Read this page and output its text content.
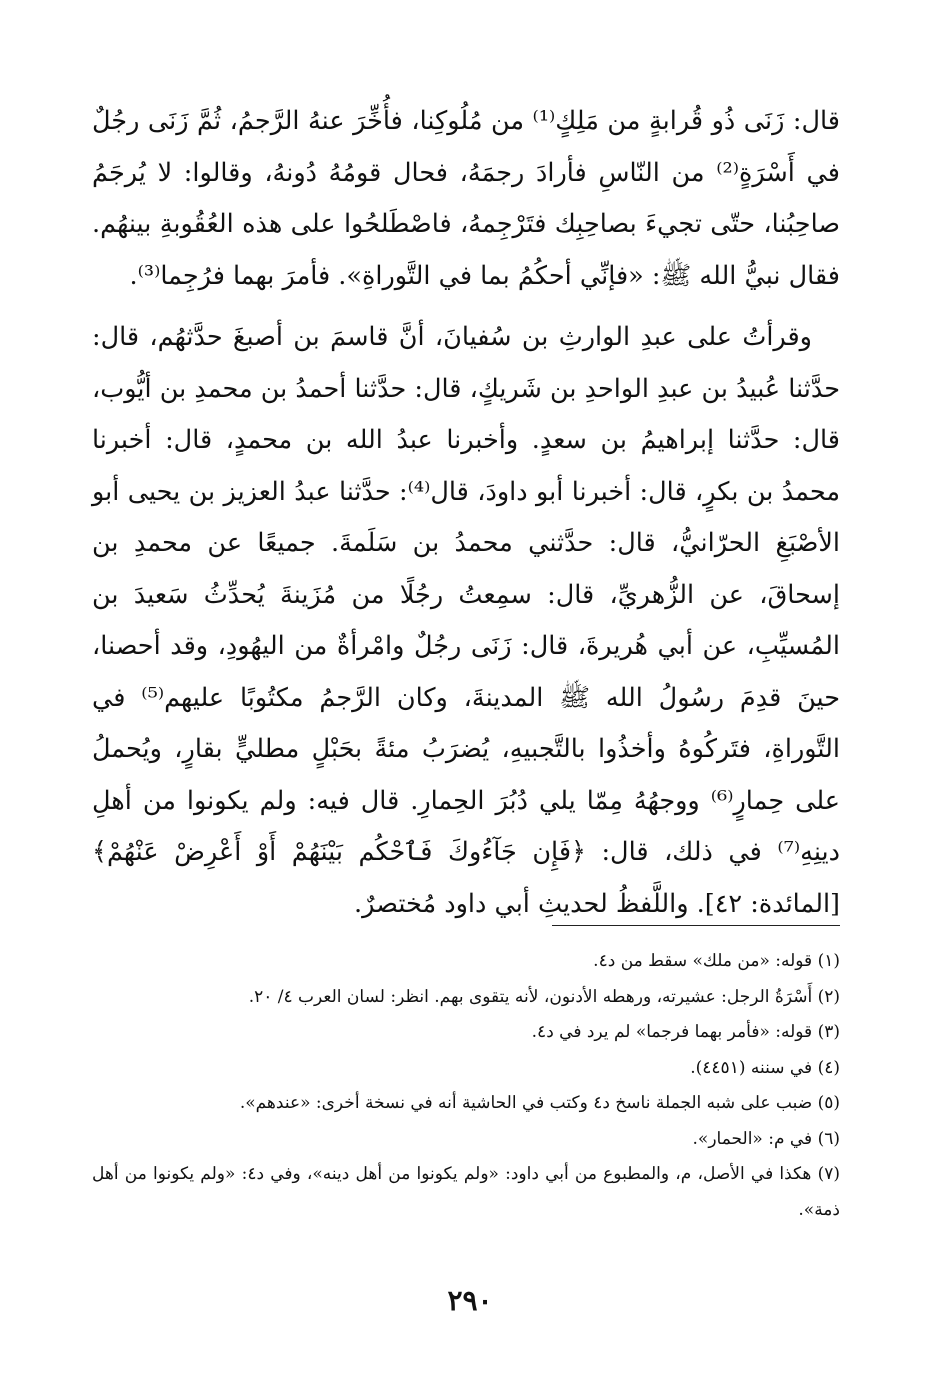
قال: زَنَى ذُو قُرابةٍ من مَلِكٍ⁽¹⁾ من مُلُوكِنا، فأُخِّرَ عنهُ الرَّجمُ، ثُمَّ زَنَى رجُلٌ في أَسْرَةٍ⁽²⁾ من النّاسِ فأرادَ رجمَهُ، فحال قومُهُ دُونهُ، وقالوا: لا يُرجَمُ صاحِبُنا، حتّى تجيءَ بصاحِبِك فتَرْجِمهُ، فاصْطَلحُوا على هذه العُقُوبةِ بينهُم. فقال نبيُّ الله ﷺ: «فإنِّي أحكُمُ بما في التَّوراةِ». فأمرَ بهما فرُجِما⁽³⁾.

وقرأتُ على عبدِ الوارثِ بن سُفيانَ، أنَّ قاسمَ بن أصبغَ حدَّثهُم، قال: حدَّثنا عُبيدُ بن عبدِ الواحدِ بن شَريكٍ، قال: حدَّثنا أحمدُ بن محمدِ بن أيُّوب، قال: حدَّثنا إبراهيمُ بن سعدٍ. وأخبرنا عبدُ الله بن محمدٍ، قال: أخبرنا محمدُ بن بكرٍ، قال: أخبرنا أبو داودَ، قال⁽⁴⁾: حدَّثنا عبدُ العزيز بن يحيى أبو الأصْبَغِ الحرّانيُّ، قال: حدَّثني محمدُ بن سَلَمةَ. جميعًا عن محمدِ بن إسحاقَ، عن الزُّهريِّ، قال: سمِعتُ رجُلًا من مُزَينةَ يُحدِّثُ سَعيدَ بن المُسيِّبِ، عن أبي هُريرةَ، قال: زَنَى رجُلٌ وامْرأةٌ من اليهُودِ، وقد أحصنا، حينَ قدِمَ رسُولُ الله ﷺ المدينةَ، وكان الرَّجمُ مكتُوبًا عليهم⁽⁵⁾ في التَّوراةِ، فتَركُوهُ وأخذُوا بالتَّجبيهِ، يُضرَبُ مئةً بحَبْلٍ مطليٍّ بقارٍ، ويُحملُ على حِمارٍ⁽⁶⁾ ووجهُهُ مِمّا يلي دُبُرَ الحِمارِ. قال فيه: ولم يكونوا من أهلِ دينِهِ⁽⁷⁾ في ذلك، قال: ﴿فَإِن جَآءُوكَ فَٱحْكُم بَيْنَهُمْ أَوْ أَعْرِضْ عَنْهُمْ﴾ [المائدة: ٤٢]. واللَّفظُ لحديثِ أبي داود مُختصرٌ.

(١) قوله: «من ملك» سقط من د٤.

(٢) أَسْرَةُ الرجل: عشيرته، ورهطه الأدنون، لأنه يتقوى بهم. انظر: لسان العرب ٤/ ٢٠.

(٣) قوله: «فأمر بهما فرجما» لم يرد في د٤.

(٤) في سننه (٤٤٥١).

(٥) ضبب على شبه الجملة ناسخ د٤ وكتب في الحاشية أنه في نسخة أخرى: «عندهم».

(٦) في م: «الحمار».

(٧) هكذا في الأصل، م، والمطبوع من أبي داود: «ولم يكونوا من أهل دينه»، وفي د٤: «ولم يكونوا من أهل ذمة».

٢٩٠
